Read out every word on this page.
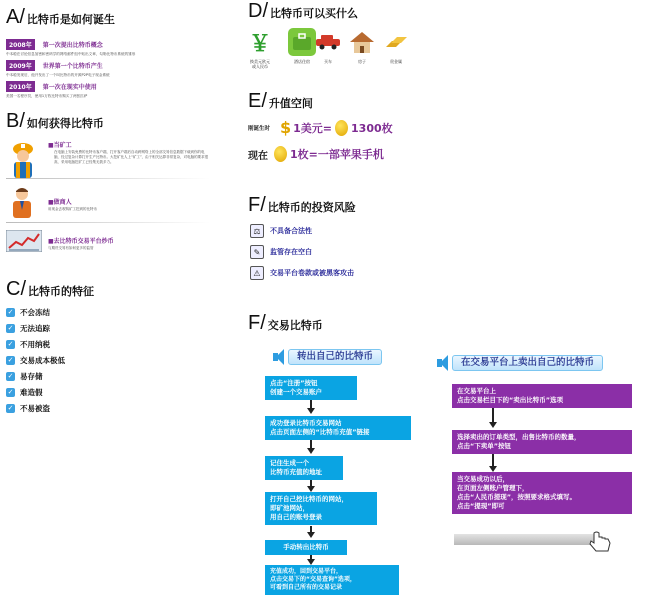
A / 比特币是如何诞生
2008年 第一次提出比特币概念
中本聪在讨论信息加密和密码学的网络邮件组中贴出文章，勾勒比特币系统的雏形
2009年 世界第一个比特币产生
中本聪发现后，他开发出了一个叫比特币的开源P2P电子现金系统
2010年 第一次在现实中使用
美国一名程序员，使用1万枚比特币购买了两张匹萨
B / 如何获得比特币
■当矿工
在电脑上安装免费的比特币客户端，打开客户端后自动跨网络上的全部交易信息数据下载到你的电脑，经过复杂计算打开生产比特币。大挖矿比人上“矿工”，由于相关运算非常复杂，对电脑的要求很高，采用电脑挖矿工已经集无我多力。
■做商人
用现金去收购矿工挖到的比特币
■去比特币交易平台炒币
与期货交易有如何更多的监管
C / 比特币的特征
✓ 不会冻结
✓ 无法追踪
✓ 不用纳税
✓ 交易成本极低
✓ 易存储
✓ 难造假
✓ 不易被盗
D / 比特币可以买什么
￥
换美元欧元
或人民币
酒店住宿	买车	房子	贵金属
E / 升值空间
刚诞生时 $ 1美元= 1300枚
现在 1枚=一部苹果手机
F / 比特币的投资风险
⚖	不具备合法性
✎	监管存在空白
⚠	交易平台卷款或被黑客攻击
F / 交易比特币
转出自己的比特币
在交易平台上卖出自己的比特币
点击“注册”按钮
创建一个交易账户
成功登录比特币交易网站
点击页面左侧的“比特币充值”链接
记住生成一个
比特币充值的地址
打开自己挖比特币的网站，
即矿池网站，
用自己的账号登录
手动转出比特币
充值成功，回到交易平台，
点击交易下的“交易查询”选项，
可看到自己所有的交易记录
在交易平台上
点击交易栏目下的“卖出比特币”选项
选择卖出的订单类型，出售比特币的数量，
点击“下卖单”按钮
当交易成功以后，
在页面左侧账户管理下，
点击“人民币提现”，按照要求格式填写。
点击“提现”即可
